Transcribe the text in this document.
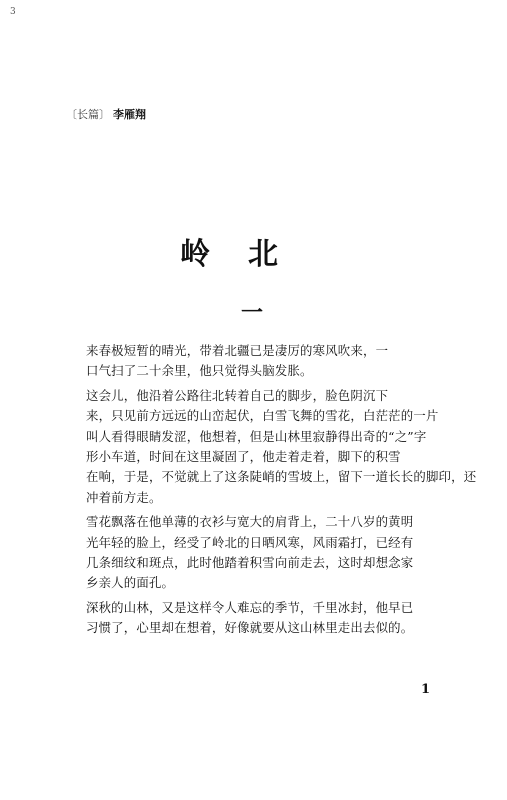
3
〔长篇〕 李雁翔
岭北
一
来春极短暂的晴光，带着北疆已是凄厉的寒风吹来，一
口气扫了二十余里，他只觉得头脑发胀。
这会儿，他沿着公路往北转着自己的脚步，脸色阴沉下
来，只见前方远远的山峦起伏，白雪飞舞的雪花，白茫茫的一片
叫人看得眼睛发涩，他想着，但是山林里寂静得出奇的“之”字
形小车道，时间在这里凝固了，他走着走着，脚下的积雪
在响，于是，不觉就上了这条陡峭的雪坡上，留下一道长长的脚印，还
冲着前方走。
雪花飘落在他单薄的衣衫与宽大的肩背上，二十八岁的黄明
光年轻的脸上，经受了岭北的日晒风寒，风雨霜打，已经有
几条细纹和斑点，此时他踏着积雪向前走去，这时却想念家
乡亲人的面孔。
深秋的山林，又是这样令人难忘的季节，千里冰封，他早已
习惯了，心里却在想着，好像就要从这山林里走出去似的。
1
